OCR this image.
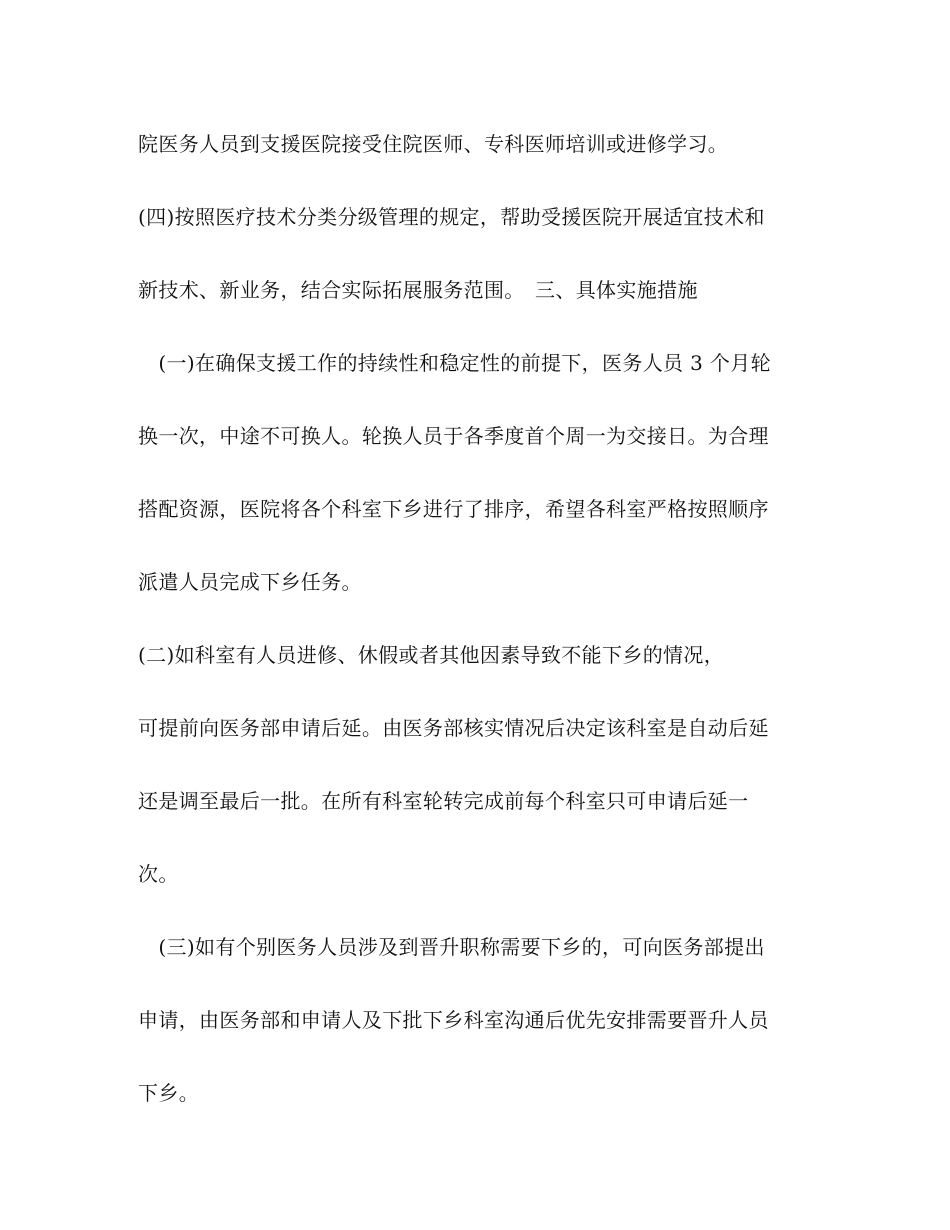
院医务人员到支援医院接受住院医师、专科医师培训或进修学习。
(四)按照医疗技术分类分级管理的规定，帮助受援医院开展适宜技术和
新技术、新业务，结合实际拓展服务范围。　三、具体实施措施
　(一)在确保支援工作的持续性和稳定性的前提下，医务人员 3 个月轮
换一次，中途不可换人。轮换人员于各季度首个周一为交接日。为合理
搭配资源，医院将各个科室下乡进行了排序，希望各科室严格按照顺序
派遣人员完成下乡任务。
(二)如科室有人员进修、休假或者其他因素导致不能下乡的情况，
可提前向医务部申请后延。由医务部核实情况后决定该科室是自动后延
还是调至最后一批。在所有科室轮转完成前每个科室只可申请后延一
次。
　(三)如有个别医务人员涉及到晋升职称需要下乡的，可向医务部提出
申请，由医务部和申请人及下批下乡科室沟通后优先安排需要晋升人员
下乡。
